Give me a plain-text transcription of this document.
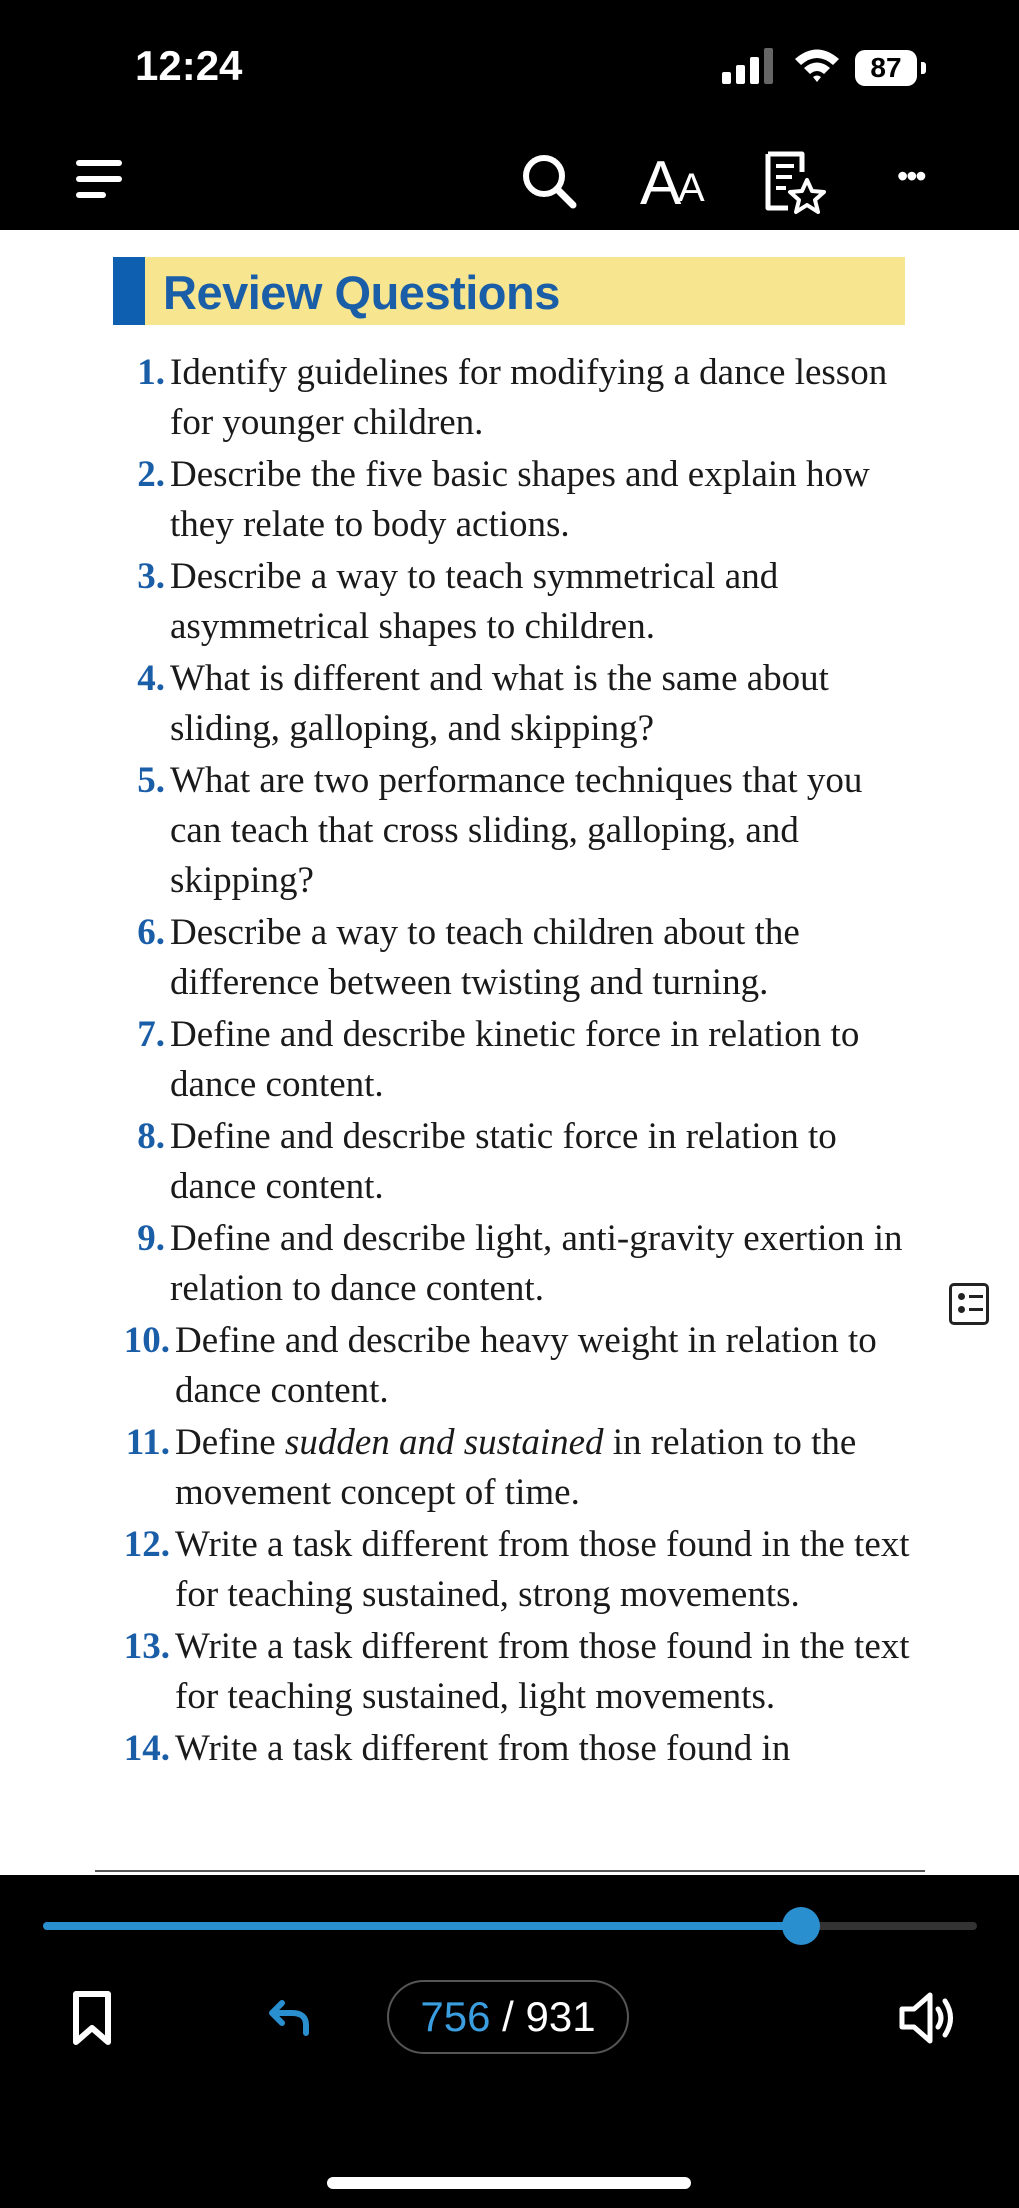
12:24	87
A
A	•••
Review Questions
1. Identify guidelines for modifying a dance lesson for younger children.
2. Describe the five basic shapes and explain how they relate to body actions.
3. Describe a way to teach symmetrical and asymmetrical shapes to children.
4. What is different and what is the same about sliding, galloping, and skipping?
5. What are two performance techniques that you can teach that cross sliding, galloping, and skipping?
6. Describe a way to teach children about the difference between twisting and turning.
7. Define and describe kinetic force in relation to dance content.
8. Define and describe static force in relation to dance content.
9. Define and describe light, anti-gravity exertion in relation to dance content.
10. Define and describe heavy weight in relation to dance content.
11. Define sudden and sustained in relation to the movement concept of time.
12. Write a task different from those found in the text for teaching sustained, strong movements.
13. Write a task different from those found in the text for teaching sustained, light movements.
14. Write a task different from those found in
756 / 931
